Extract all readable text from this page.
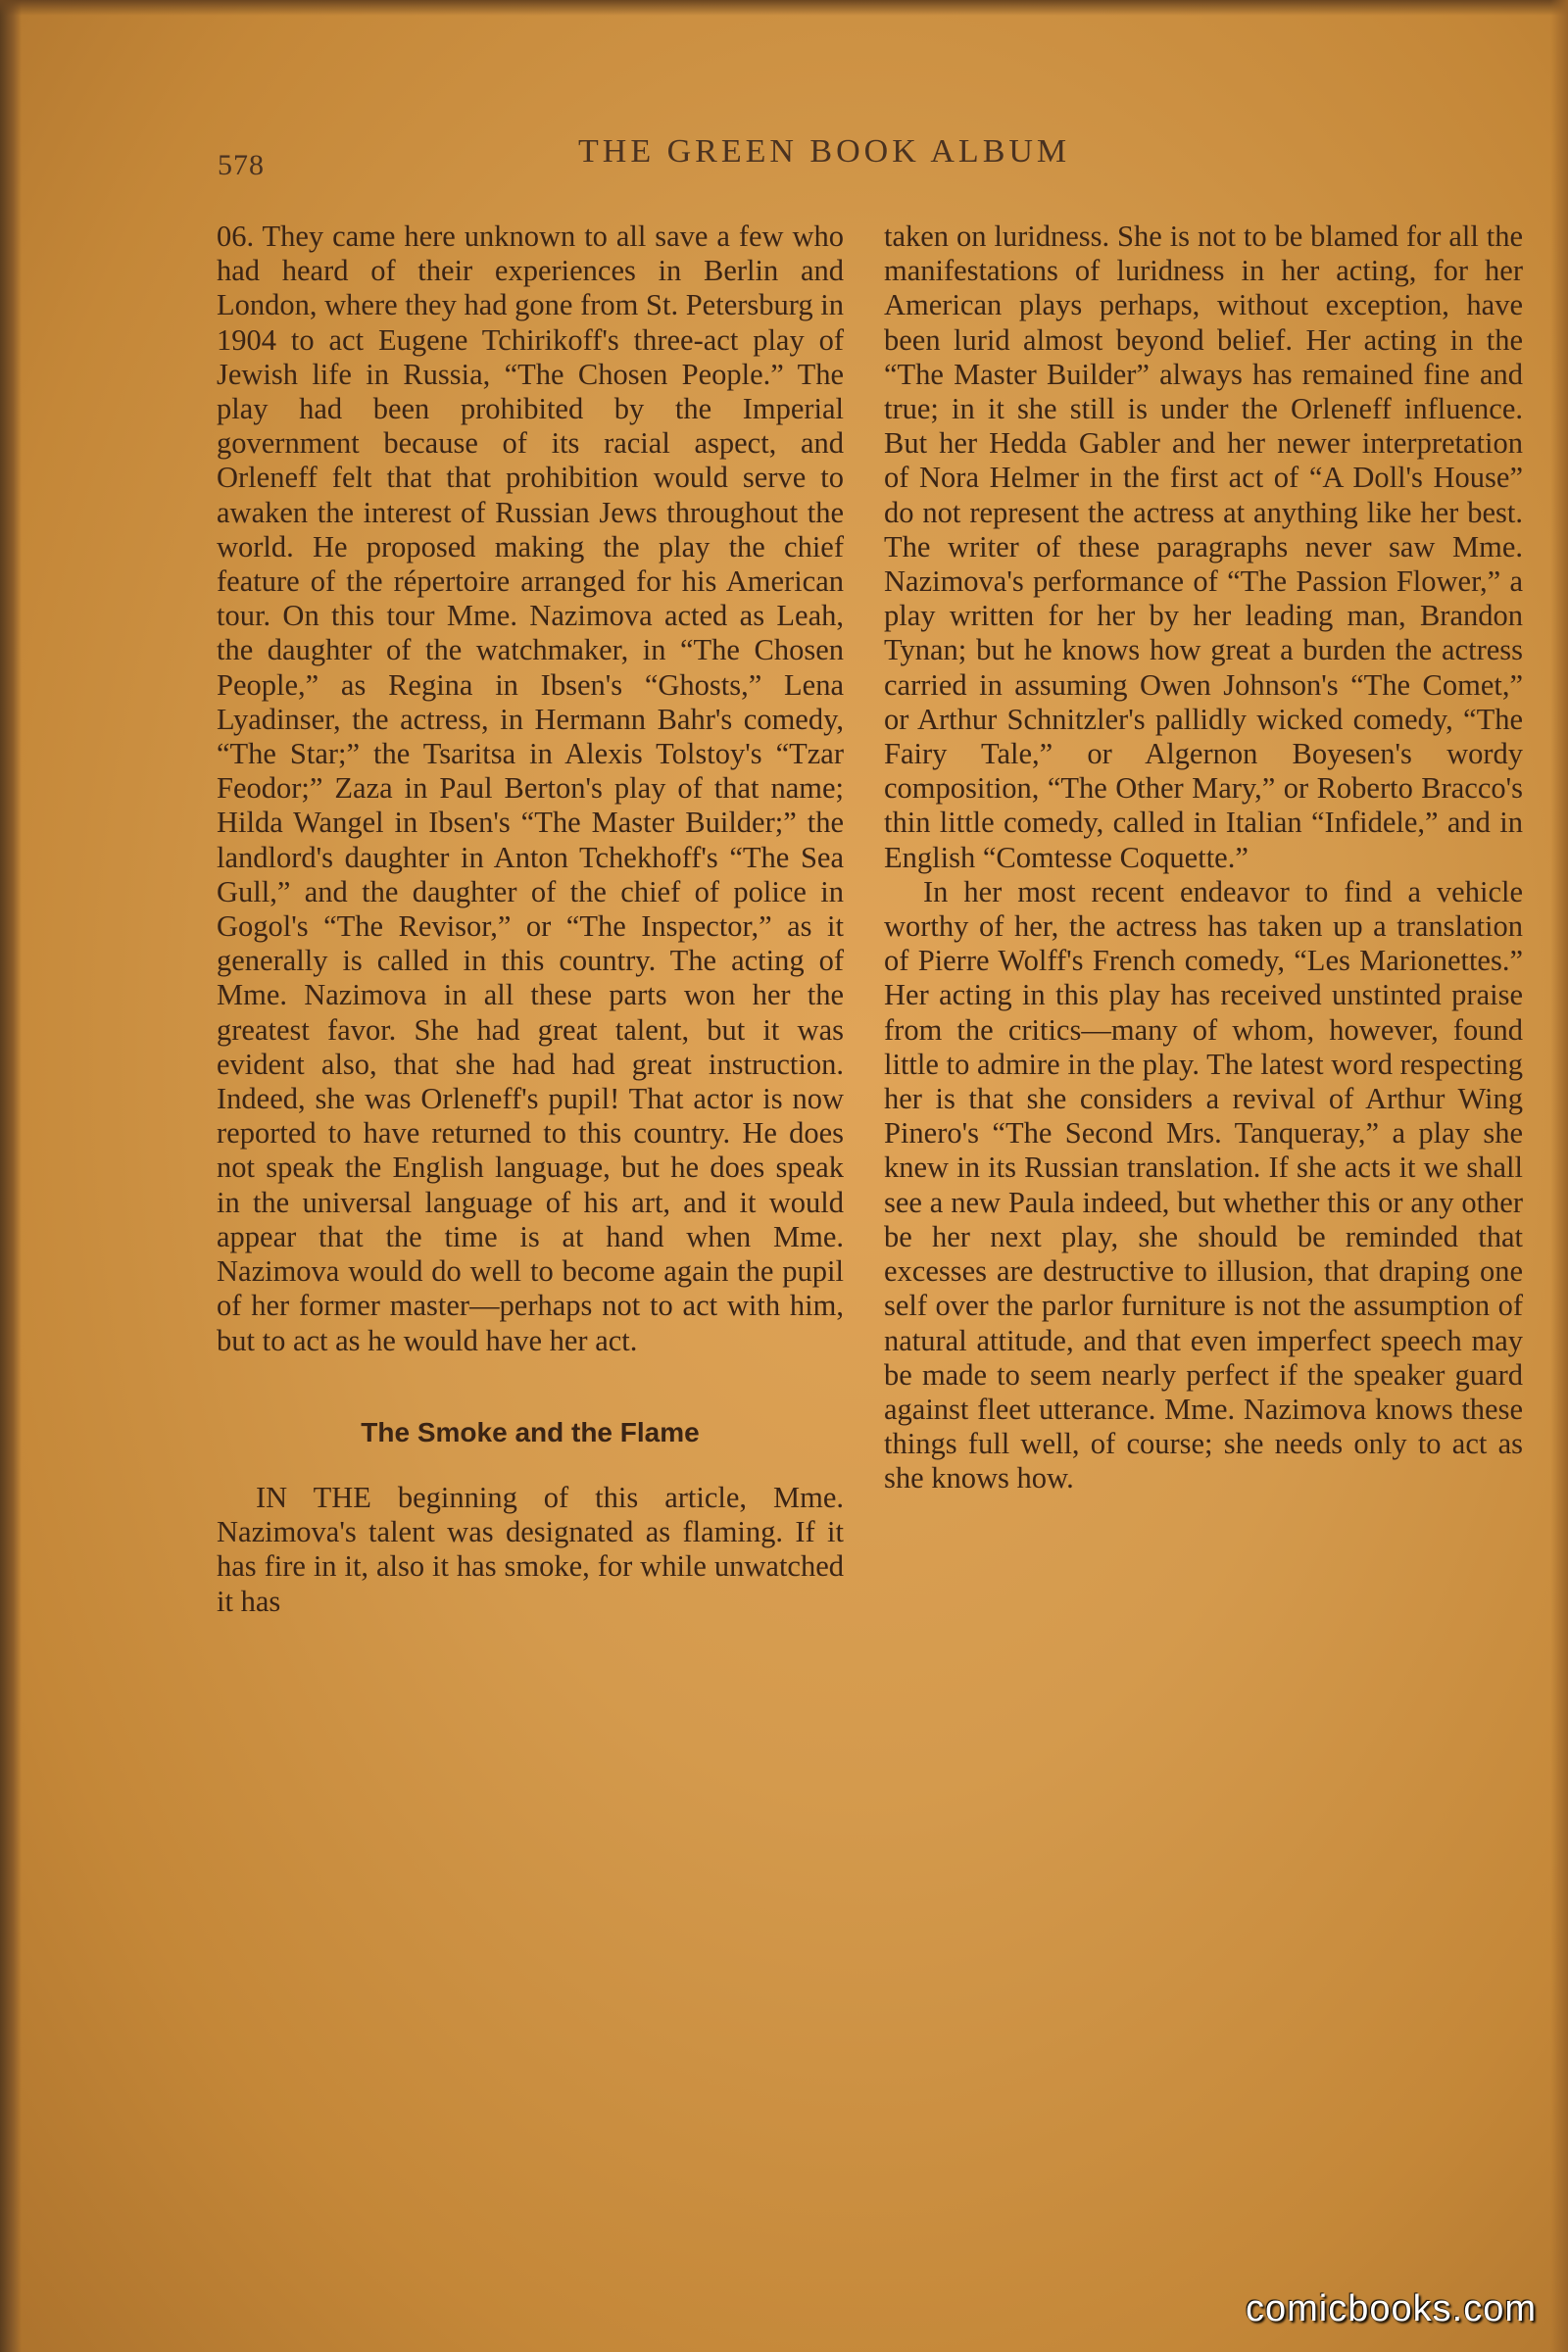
578	THE GREEN BOOK ALBUM

06. They came here unknown to all save a few who had heard of their experiences in Berlin and London, where they had gone from St. Petersburg in 1904 to act Eugene Tchirikoff's three-act play of Jewish life in Russia, “The Chosen People.” The play had been prohibited by the Imperial government because of its racial aspect, and Orleneff felt that that prohibition would serve to awaken the interest of Russian Jews throughout the world. He proposed making the play the chief feature of the répertoire arranged for his American tour. On this tour Mme. Nazimova acted as Leah, the daughter of the watchmaker, in “The Chosen People,” as Regina in Ibsen's “Ghosts,” Lena Lyadinser, the actress, in Hermann Bahr's comedy, “The Star;” the Tsaritsa in Alexis Tolstoy's “Tzar Feodor;” Zaza in Paul Berton's play of that name; Hilda Wangel in Ibsen's “The Master Builder;” the landlord's daughter in Anton Tchekhoff's “The Sea Gull,” and the daughter of the chief of police in Gogol's “The Revisor,” or “The Inspector,” as it generally is called in this country. The acting of Mme. Nazimova in all these parts won her the greatest favor. She had great talent, but it was evident also, that she had had great instruction. Indeed, she was Orleneff's pupil! That actor is now reported to have returned to this country. He does not speak the English language, but he does speak in the universal language of his art, and it would appear that the time is at hand when Mme. Nazimova would do well to become again the pupil of her former master—perhaps not to act with him, but to act as he would have her act.

The Smoke and the Flame

IN THE beginning of this article, Mme. Nazimova's talent was designated as flaming. If it has fire in it, also it has smoke, for while unwatched it has

taken on luridness. She is not to be blamed for all the manifestations of luridness in her acting, for her American plays perhaps, without exception, have been lurid almost beyond belief. Her acting in the “The Master Builder” always has remained fine and true; in it she still is under the Orleneff influence. But her Hedda Gabler and her newer interpretation of Nora Helmer in the first act of “A Doll's House” do not represent the actress at anything like her best. The writer of these paragraphs never saw Mme. Nazimova's performance of “The Passion Flower,” a play written for her by her leading man, Brandon Tynan; but he knows how great a burden the actress carried in assuming Owen Johnson's “The Comet,” or Arthur Schnitzler's pallidly wicked comedy, “The Fairy Tale,” or Algernon Boyesen's wordy composition, “The Other Mary,” or Roberto Bracco's thin little comedy, called in Italian “Infidele,” and in English “Comtesse Coquette.”

In her most recent endeavor to find a vehicle worthy of her, the actress has taken up a translation of Pierre Wolff's French comedy, “Les Marionettes.” Her acting in this play has received unstinted praise from the critics—many of whom, however, found little to admire in the play. The latest word respecting her is that she considers a revival of Arthur Wing Pinero's “The Second Mrs. Tanqueray,” a play she knew in its Russian translation. If she acts it we shall see a new Paula indeed, but whether this or any other be her next play, she should be reminded that excesses are destructive to illusion, that draping one self over the parlor furniture is not the assumption of natural attitude, and that even imperfect speech may be made to seem nearly perfect if the speaker guard against fleet utterance. Mme. Nazimova knows these things full well, of course; she needs only to act as she knows how.

comicbooks.com
